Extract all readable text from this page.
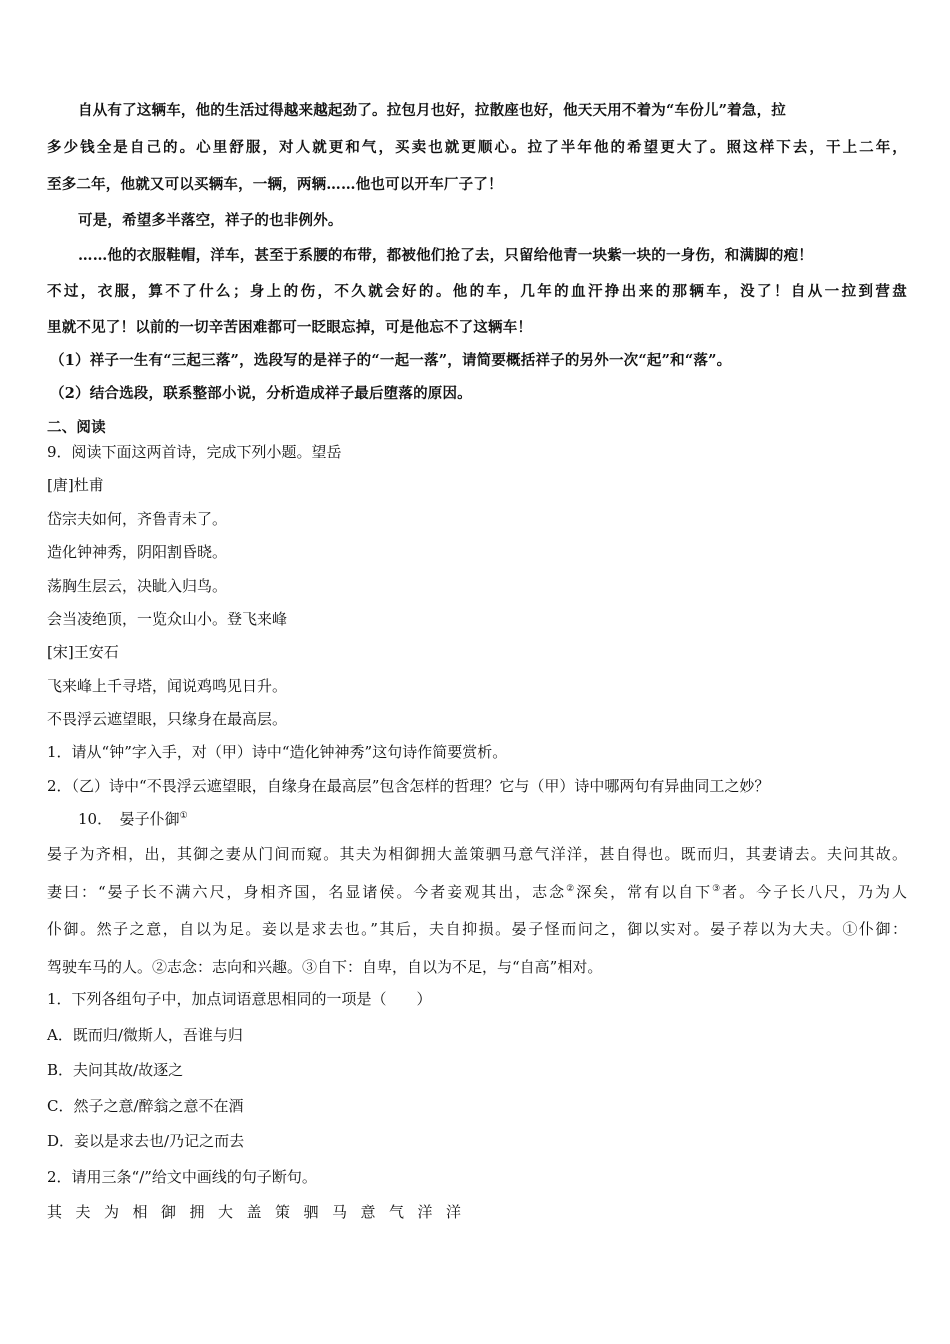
自从有了这辆车，他的生活过得越来越起劲了。拉包月也好，拉散座也好，他天天用不着为“车份儿”着急，拉
多少钱全是自己的。心里舒服，对人就更和气，买卖也就更顺心。拉了半年他的希望更大了。照这样下去，干上二年，
至多二年，他就又可以买辆车，一辆，两辆……他也可以开车厂子了！
可是，希望多半落空，祥子的也非例外。
……他的衣服鞋帽，洋车，甚至于系腰的布带，都被他们抢了去，只留给他青一块紫一块的一身伤，和满脚的疱！
不过，衣服，算不了什么；身上的伤，不久就会好的。他的车，几年的血汗挣出来的那辆车，没了！自从一拉到营盘
里就不见了！以前的一切辛苦困难都可一眨眼忘掉，可是他忘不了这辆车！
（1）祥子一生有“三起三落”，选段写的是祥子的“一起一落”，请简要概括祥子的另外一次“起”和“落”。
（2）结合选段，联系整部小说，分析造成祥子最后堕落的原因。
二、阅读
9．阅读下面这两首诗，完成下列小题。望岳
[唐]杜甫
岱宗夫如何，齐鲁青未了。
造化钟神秀，阴阳割昏晓。
荡胸生层云，决眦入归鸟。
会当凌绝顶，一览众山小。登飞来峰
[宋]王安石
飞来峰上千寻塔，闻说鸡鸣见日升。
不畏浮云遮望眼，只缘身在最高层。
1．请从“钟”字入手，对（甲）诗中“造化钟神秀”这句诗作简要赏析。
2．（乙）诗中“不畏浮云遮望眼，自缘身在最高层”包含怎样的哲理？它与（甲）诗中哪两句有异曲同工之妙？
10．　晏子仆御①
晏子为齐相，出，其御之妻从门间而窥。其夫为相御拥大盖策驷马意气洋洋，甚自得也。既而归，其妻请去。夫问其故。
妻曰：“晏子长不满六尺，身相齐国，名显诸侯。今者妾观其出，志念②深矣，常有以自下③者。今子长八尺，乃为人
仆御。然子之意，自以为足。妾以是求去也。”其后，夫自抑损。晏子怪而问之，御以实对。晏子荐以为大夫。①仆御：
驾驶车马的人。②志念：志向和兴趣。③自下：自卑，自以为不足，与“自高”相对。
1．下列各组句子中，加点词语意思相同的一项是（　　）
A．既而归/微斯人，吾谁与归
B．夫问其故/故逐之
C．然子之意/醉翁之意不在酒
D．妾以是求去也/乃记之而去
2．请用三条“/”给文中画线的句子断句。
其夫为相御拥大盖策驷马意气洋洋
